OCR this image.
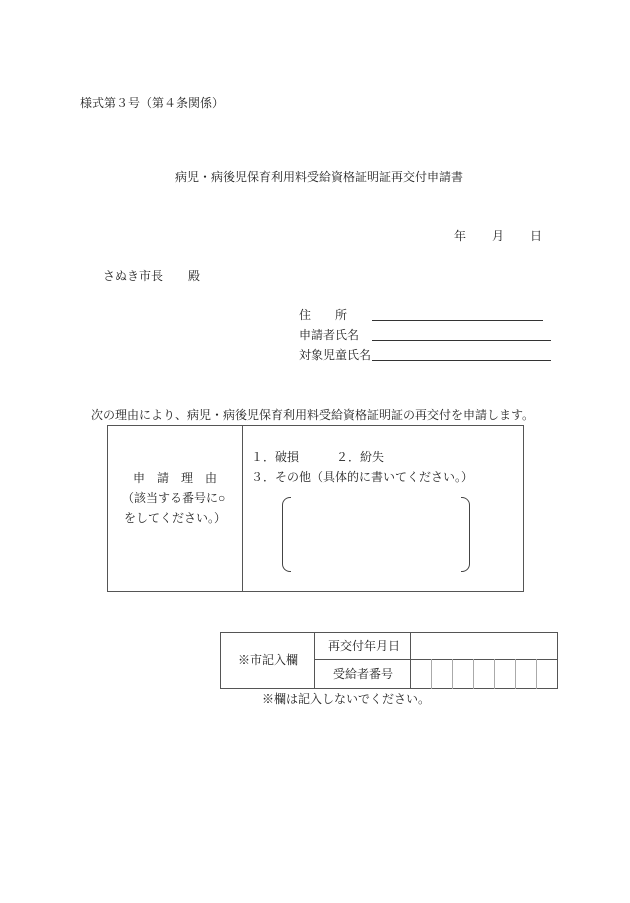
様式第３号（第４条関係）
病児・病後児保育利用料受給資格証明証再交付申請書
年 月 日
さぬき市長 殿
住　　所
申請者氏名
対象児童氏名
次の理由により、病児・病後児保育利用料受給資格証明証の再交付を申請します。
申　請　理　由
（該当する番号に○
をしてください。）
１．破損	２．紛失
３．その他（具体的に書いてください。）
※市記入欄
再交付年月日
受給者番号
※欄は記入しないでください。
